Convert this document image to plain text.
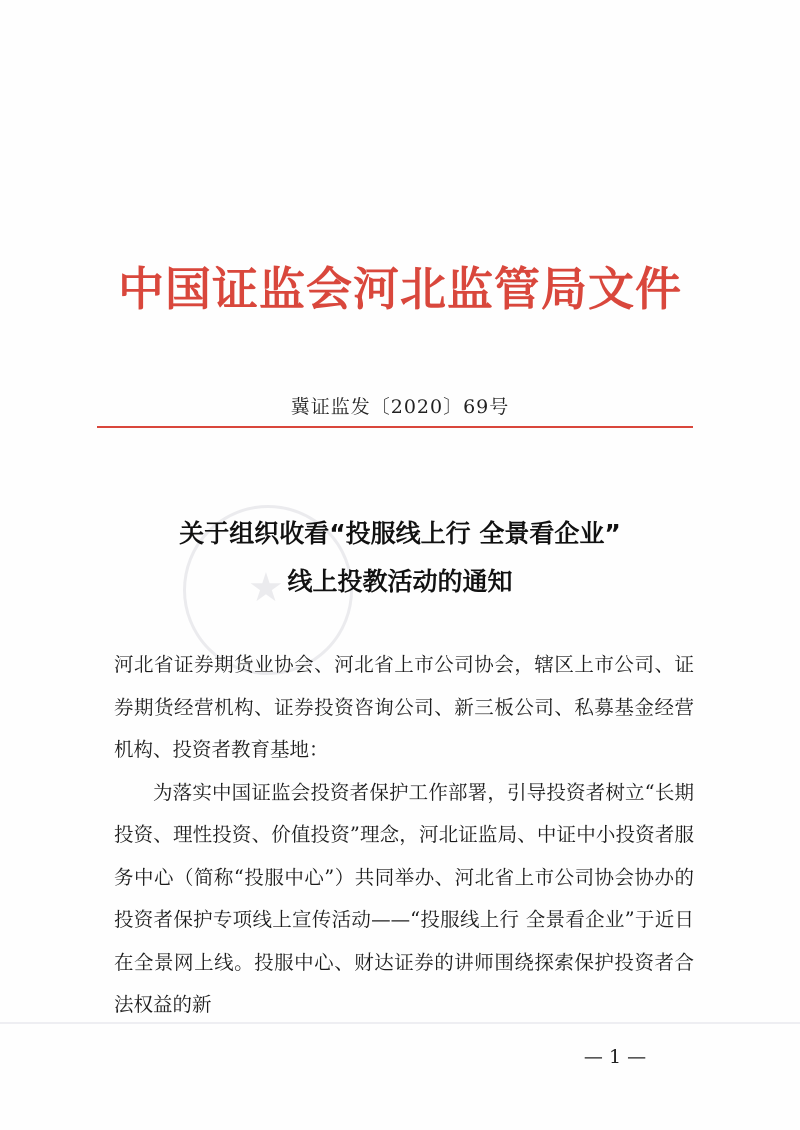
★
中国证监会河北监管局文件
冀证监发〔2020〕69号
关于组织收看“投服线上行 全景看企业”
线上投教活动的通知

河北省证券期货业协会、河北省上市公司协会，辖区上市公司、证券期货经营机构、证券投资咨询公司、新三板公司、私募基金经营机构、投资者教育基地：

为落实中国证监会投资者保护工作部署，引导投资者树立“长期投资、理性投资、价值投资”理念，河北证监局、中证中小投资者服务中心（简称“投服中心”）共同举办、河北省上市公司协会协办的投资者保护专项线上宣传活动——“投服线上行 全景看企业”于近日在全景网上线。投服中心、财达证券的讲师围绕探索保护投资者合法权益的新

— 1 —
